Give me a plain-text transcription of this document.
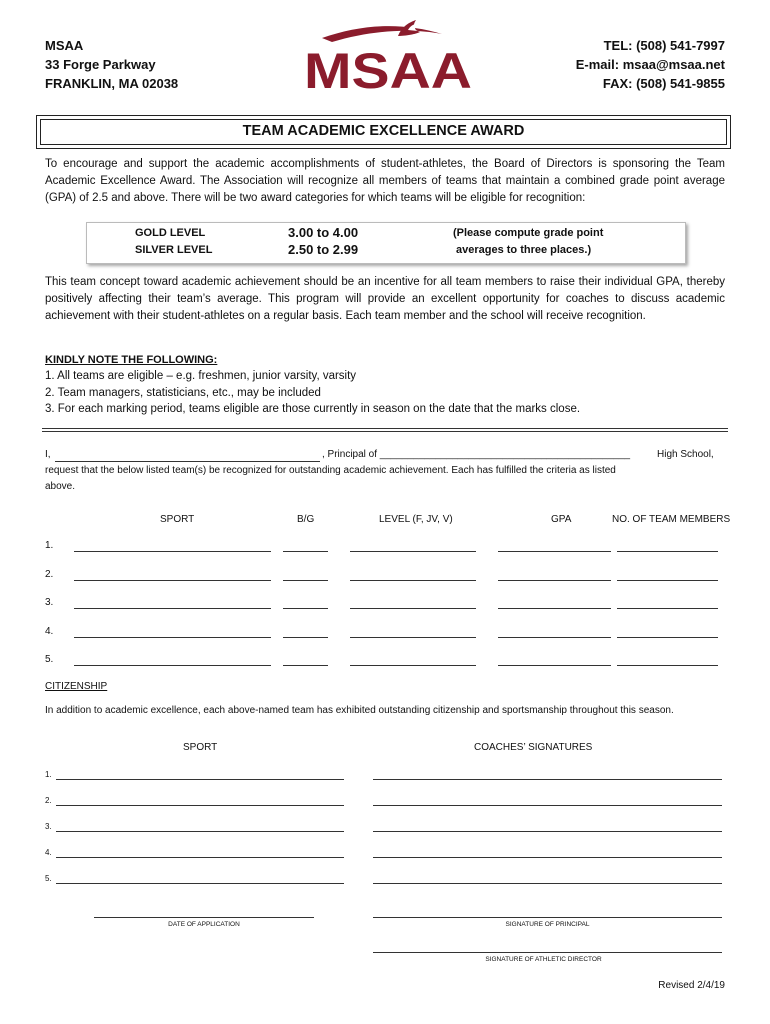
MSAA
33 Forge Parkway
FRANKLIN, MA 02038	MSAA	TEL: (508) 541-7997
E-mail: msaa@msaa.net
FAX: (508) 541-9855
TEAM ACADEMIC EXCELLENCE AWARD
To encourage and support the academic accomplishments of student-athletes, the Board of Directors is sponsoring the Team Academic Excellence Award. The Association will recognize all members of teams that maintain a combined grade point average (GPA) of 2.5 and above. There will be two award categories for which teams will be eligible for recognition:
GOLD LEVEL	3.00 to 4.00
SILVER LEVEL	2.50 to 2.99
(Please compute grade point
averages to three places.)
This team concept toward academic achievement should be an incentive for all team members to raise their individual GPA, thereby positively affecting their team’s average. This program will provide an excellent opportunity for coaches to discuss academic achievement with their student-athletes on a regular basis. Each team member and the school will receive recognition.
KINDLY NOTE THE FOLLOWING:
1. All teams are eligible – e.g. freshmen, junior varsity, varsity
2. Team managers, statisticians, etc., may be included
3. For each marking period, teams eligible are those currently in season on the date that the marks close.
I,	, Principal of _____________________________________________	High School,
request that the below listed team(s) be recognized for outstanding academic achievement. Each has fulfilled the criteria as listed
above.
SPORT	B/G	LEVEL (F, JV, V)	GPA	NO. OF TEAM MEMBERS
1.
2.
3.
4.
5.
CITIZENSHIP
In addition to academic excellence, each above-named team has exhibited outstanding citizenship and sportsmanship throughout this season.
SPORT	COACHES’ SIGNATURES
1.
2.
3.
4.
5.
DATE OF APPLICATION	SIGNATURE OF PRINCIPAL
SIGNATURE OF ATHLETIC DIRECTOR
Revised 2/4/19
